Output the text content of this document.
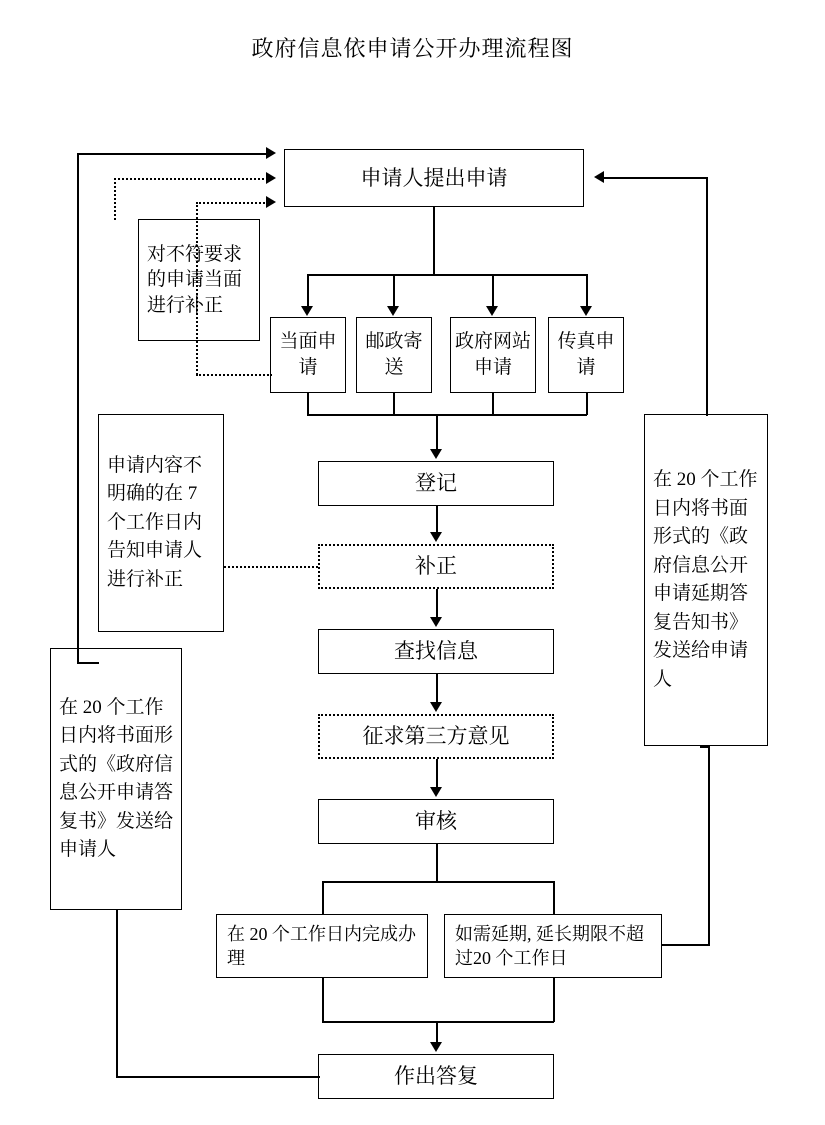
政府信息依申请公开办理流程图
申请人提出申请
登记
补正
查找信息
征求第三方意见
审核
在 20 个工作日内完成办理
如需延期, 延长期限不超过20 个工作日
作出答复
当面申请
邮政寄送
政府网站申请
传真申请
对不符要求的申请当面进行补正
申请内容不明确的在 7 个工作日内告知申请人进行补正
在 20 个工作日内将书面形式的《政府信息公开申请答复书》发送给申请人
在 20 个工作日内将书面形式的《政府信息公开申请延期答复告知书》发送给申请人
